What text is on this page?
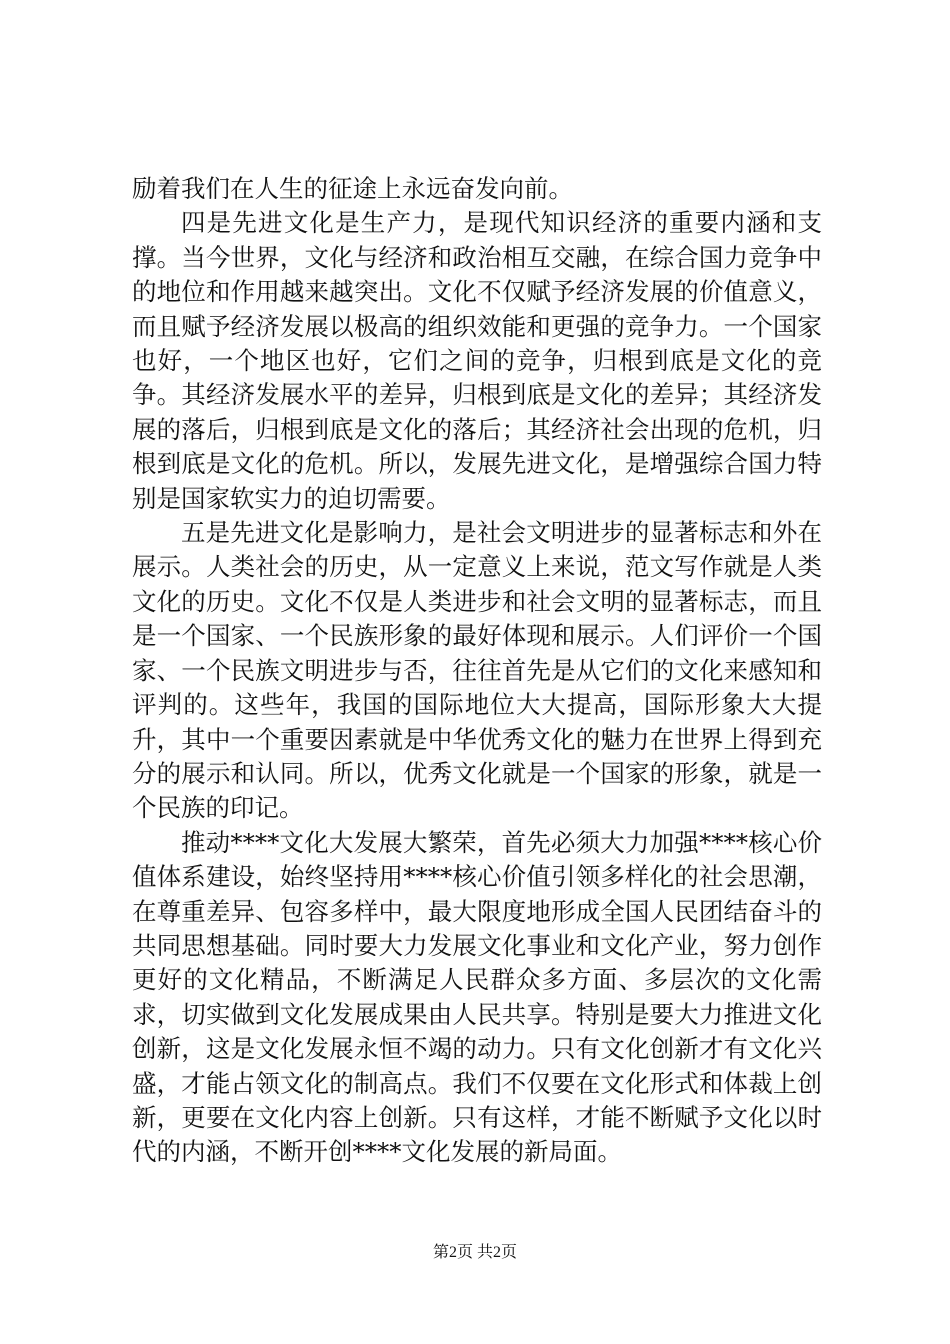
励着我们在人生的征途上永远奋发向前。

四是先进文化是生产力，是现代知识经济的重要内涵和支撑。当今世界，文化与经济和政治相互交融，在综合国力竞争中的地位和作用越来越突出。文化不仅赋予经济发展的价值意义，而且赋予经济发展以极高的组织效能和更强的竞争力。一个国家也好，一个地区也好，它们之间的竞争，归根到底是文化的竞争。其经济发展水平的差异，归根到底是文化的差异；其经济发展的落后，归根到底是文化的落后；其经济社会出现的危机，归根到底是文化的危机。所以，发展先进文化，是增强综合国力特别是国家软实力的迫切需要。

五是先进文化是影响力，是社会文明进步的显著标志和外在展示。人类社会的历史，从一定意义上来说，范文写作就是人类文化的历史。文化不仅是人类进步和社会文明的显著标志，而且是一个国家、一个民族形象的最好体现和展示。人们评价一个国家、一个民族文明进步与否，往往首先是从它们的文化来感知和评判的。这些年，我国的国际地位大大提高，国际形象大大提升，其中一个重要因素就是中华优秀文化的魅力在世界上得到充分的展示和认同。所以，优秀文化就是一个国家的形象，就是一个民族的印记。

推动****文化大发展大繁荣，首先必须大力加强****核心价值体系建设，始终坚持用****核心价值引领多样化的社会思潮，在尊重差异、包容多样中，最大限度地形成全国人民团结奋斗的共同思想基础。同时要大力发展文化事业和文化产业，努力创作更好的文化精品，不断满足人民群众多方面、多层次的文化需求，切实做到文化发展成果由人民共享。特别是要大力推进文化创新，这是文化发展永恒不竭的动力。只有文化创新才有文化兴盛，才能占领文化的制高点。我们不仅要在文化形式和体裁上创新，更要在文化内容上创新。只有这样，才能不断赋予文化以时代的内涵，不断开创****文化发展的新局面。

第2页 共2页
